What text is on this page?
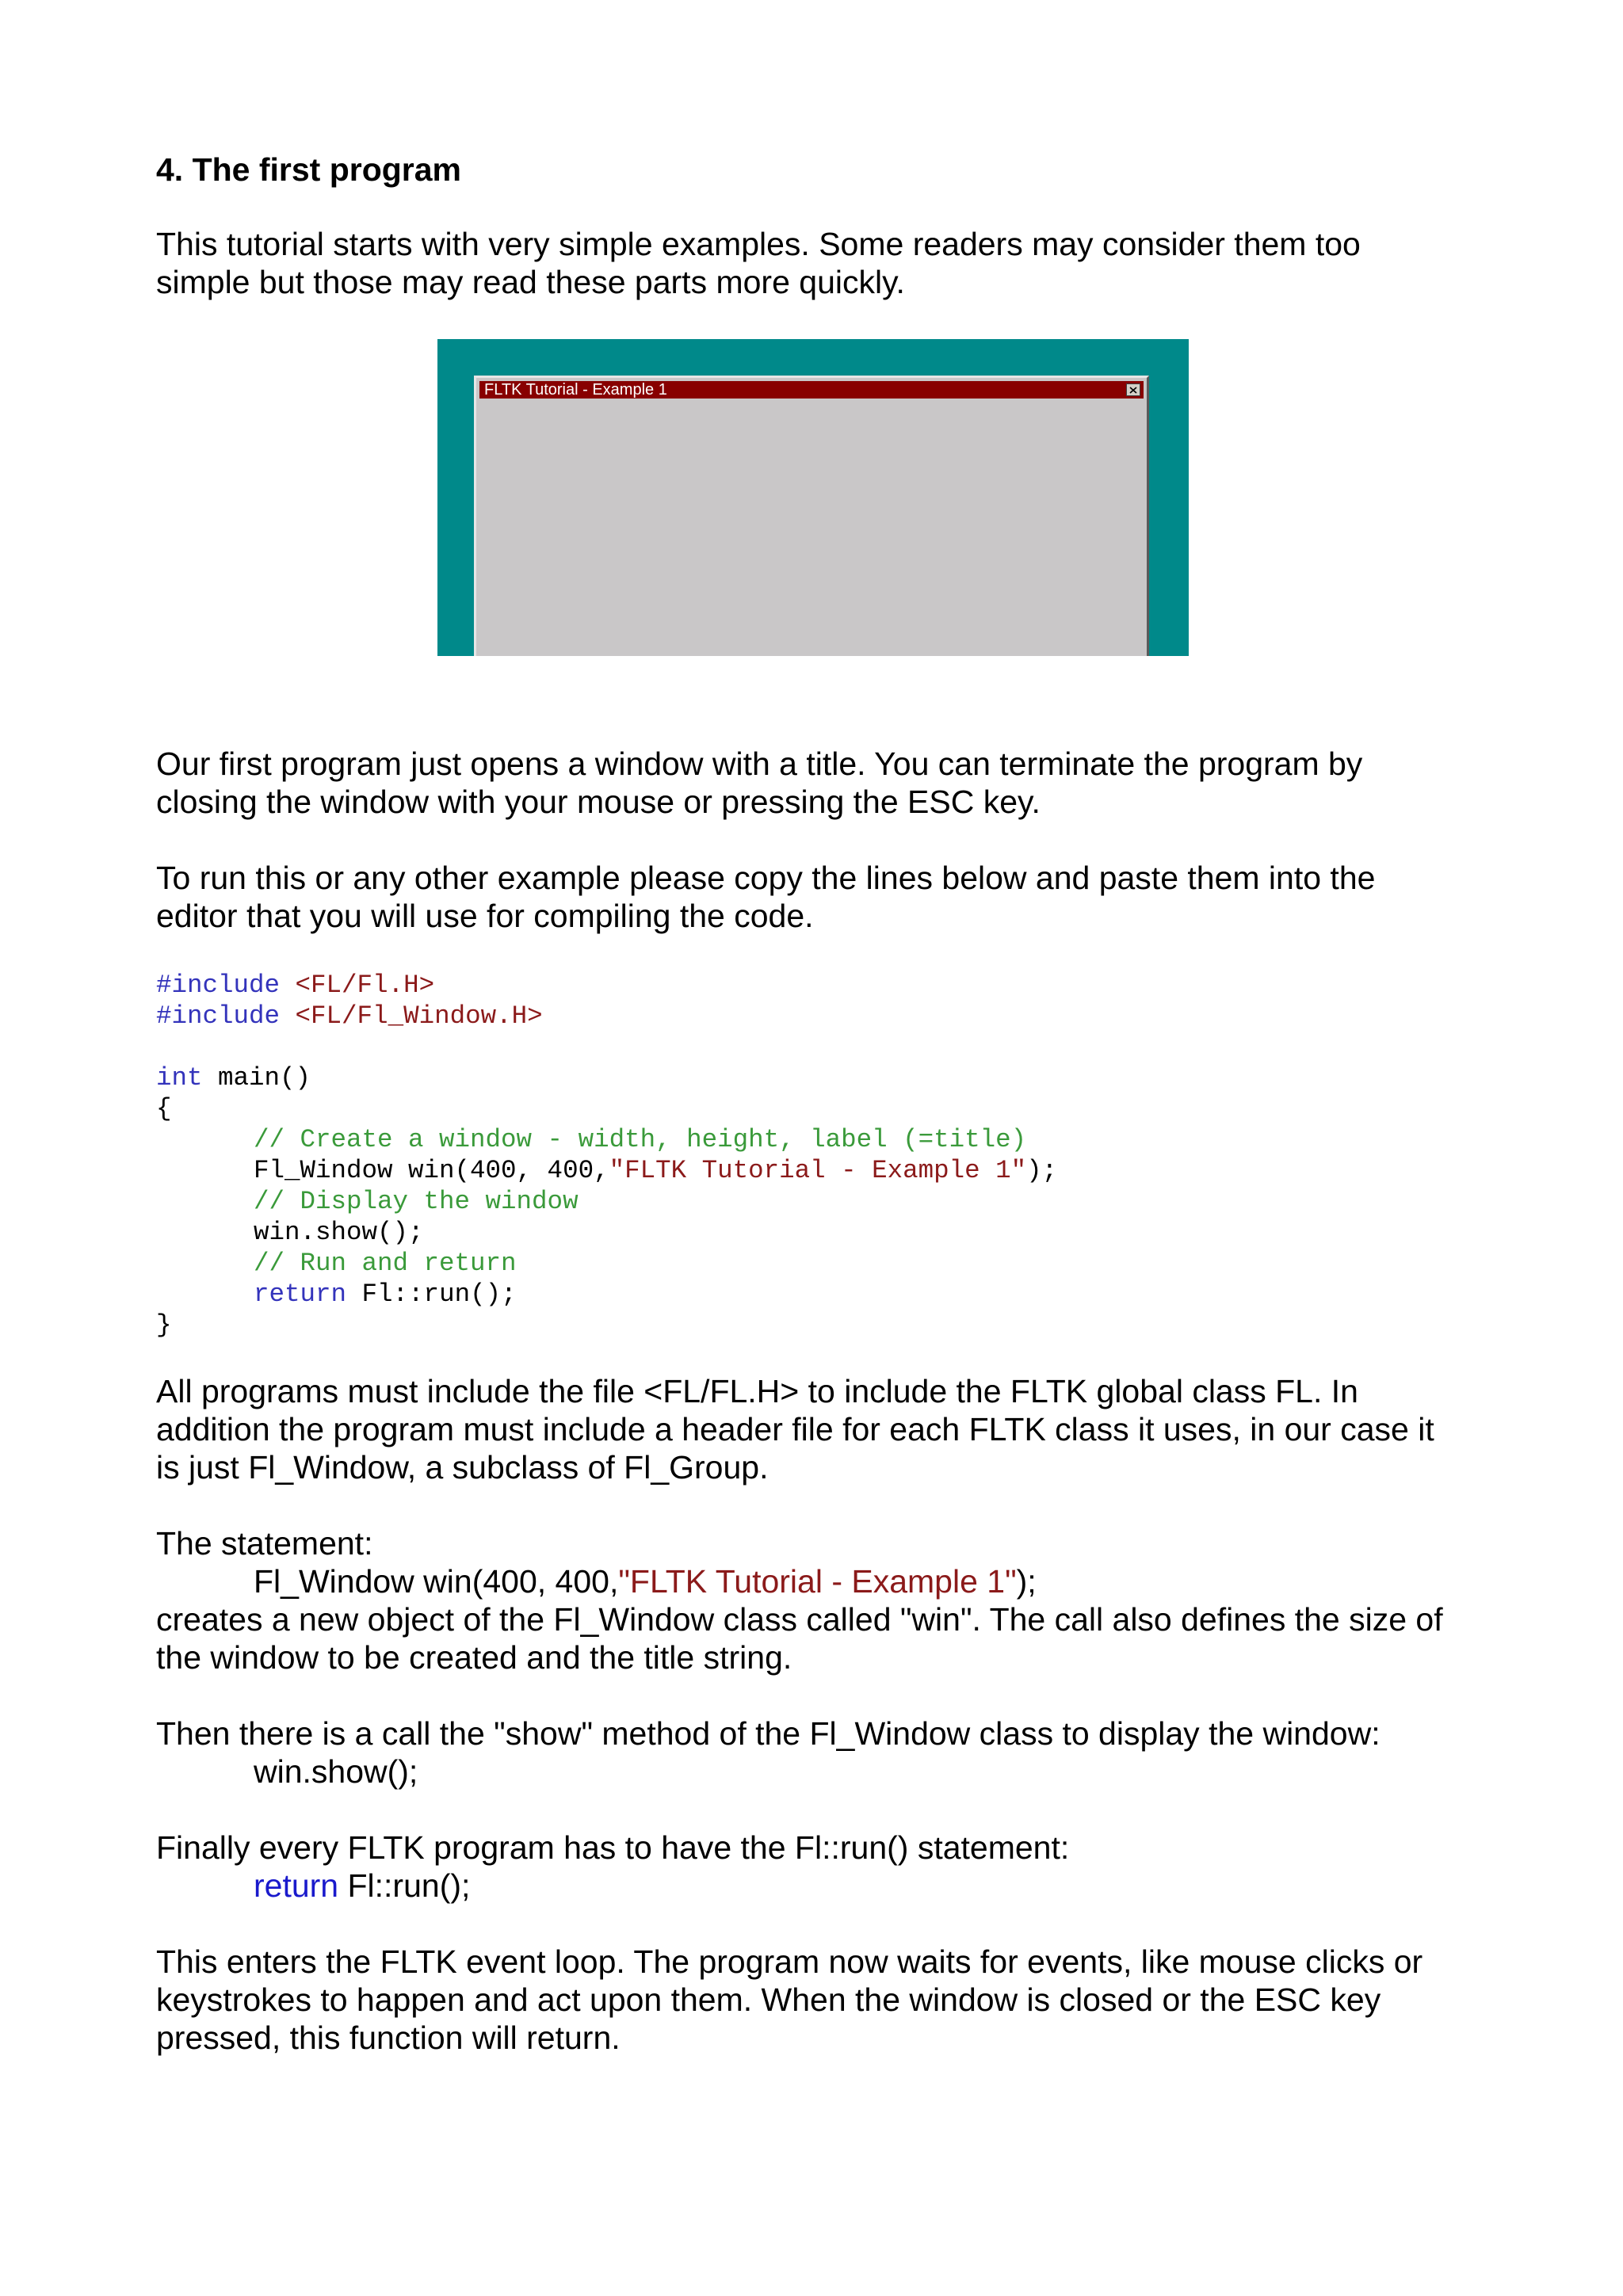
4. The first program

This tutorial starts with very simple examples. Some readers may consider them too
simple but those may read these parts more quickly.

FLTK Tutorial - Example 1

Our first program just opens a window with a title. You can terminate the program by
closing the window with your mouse or pressing the ESC key.

To run this or any other example please copy the lines below and paste them into the
editor that you will use for compiling the code.

#include <FL/Fl.H>
#include <FL/Fl_Window.H>

int main()
{
// Create a window - width, height, label (=title)
Fl_Window win(400, 400,"FLTK Tutorial - Example 1");
// Display the window
win.show();
// Run and return
return Fl::run();
}

All programs must include the file <FL/FL.H> to include the FLTK global class FL. In
addition the program must include a header file for each FLTK class it uses, in our case it
is just Fl_Window, a subclass of Fl_Group.

The statement:
Fl_Window win(400, 400,"FLTK Tutorial - Example 1");
creates a new object of the Fl_Window class called "win". The call also defines the size of
the window to be created and the title string.

Then there is a call the "show" method of the Fl_Window class to display the window:
win.show();

Finally every FLTK program has to have the Fl::run() statement:
return Fl::run();

This enters the FLTK event loop. The program now waits for events, like mouse clicks or
keystrokes to happen and act upon them. When the window is closed or the ESC key
pressed, this function will return.
